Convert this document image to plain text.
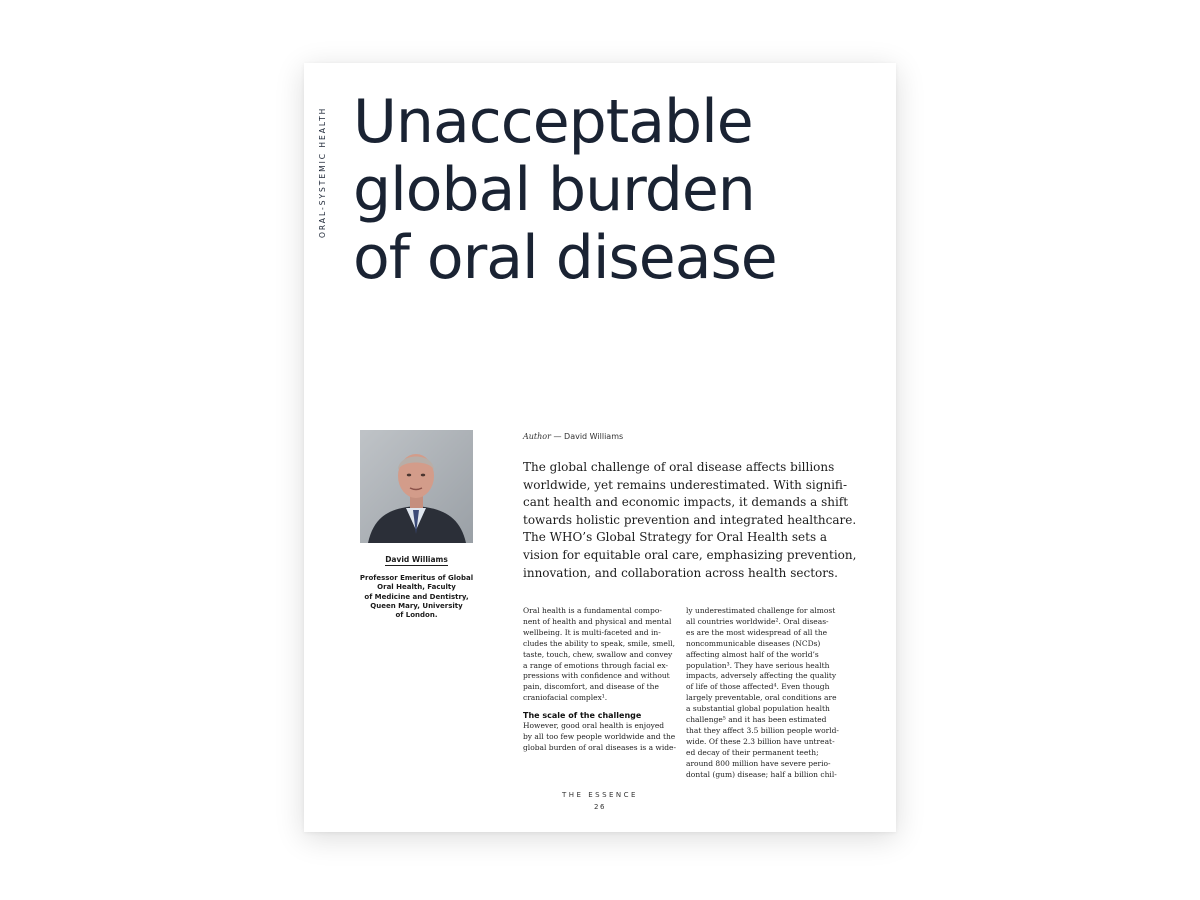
ORAL-SYSTEMIC HEALTH Unacceptable
global burden
of oral disease
David Williams
Professor Emeritus of Global
Oral Health, Faculty
of Medicine and Dentistry,
Queen Mary, University
of London.
Author — David Williams
The global challenge of oral disease affects billions
worldwide, yet remains underestimated. With signifi-
cant health and economic impacts, it demands a shift
towards holistic prevention and integrated healthcare.
The WHO’s Global Strategy for Oral Health sets a
vision for equitable oral care, emphasizing prevention,
innovation, and collaboration across health sectors.
Oral health is a fundamental compo-
nent of health and physical and mental
wellbeing. It is multi-faceted and in-
cludes the ability to speak, smile, smell,
taste, touch, chew, swallow and convey
a range of emotions through facial ex-
pressions with confidence and without
pain, discomfort, and disease of the
craniofacial complex¹.
The scale of the challenge
However, good oral health is enjoyed
by all too few people worldwide and the
global burden of oral diseases is a wide-
ly underestimated challenge for almost
all countries worldwide². Oral diseas-
es are the most widespread of all the
noncommunicable diseases (NCDs)
affecting almost half of the world’s
population³. They have serious health
impacts, adversely affecting the quality
of life of those affected⁴. Even though
largely preventable, oral conditions are
a substantial global population health
challenge⁵ and it has been estimated
that they affect 3.5 billion people world-
wide. Of these 2.3 billion have untreat-
ed decay of their permanent teeth;
around 800 million have severe perio-
dontal (gum) disease; half a billion chil-
THE ESSENCE
26
